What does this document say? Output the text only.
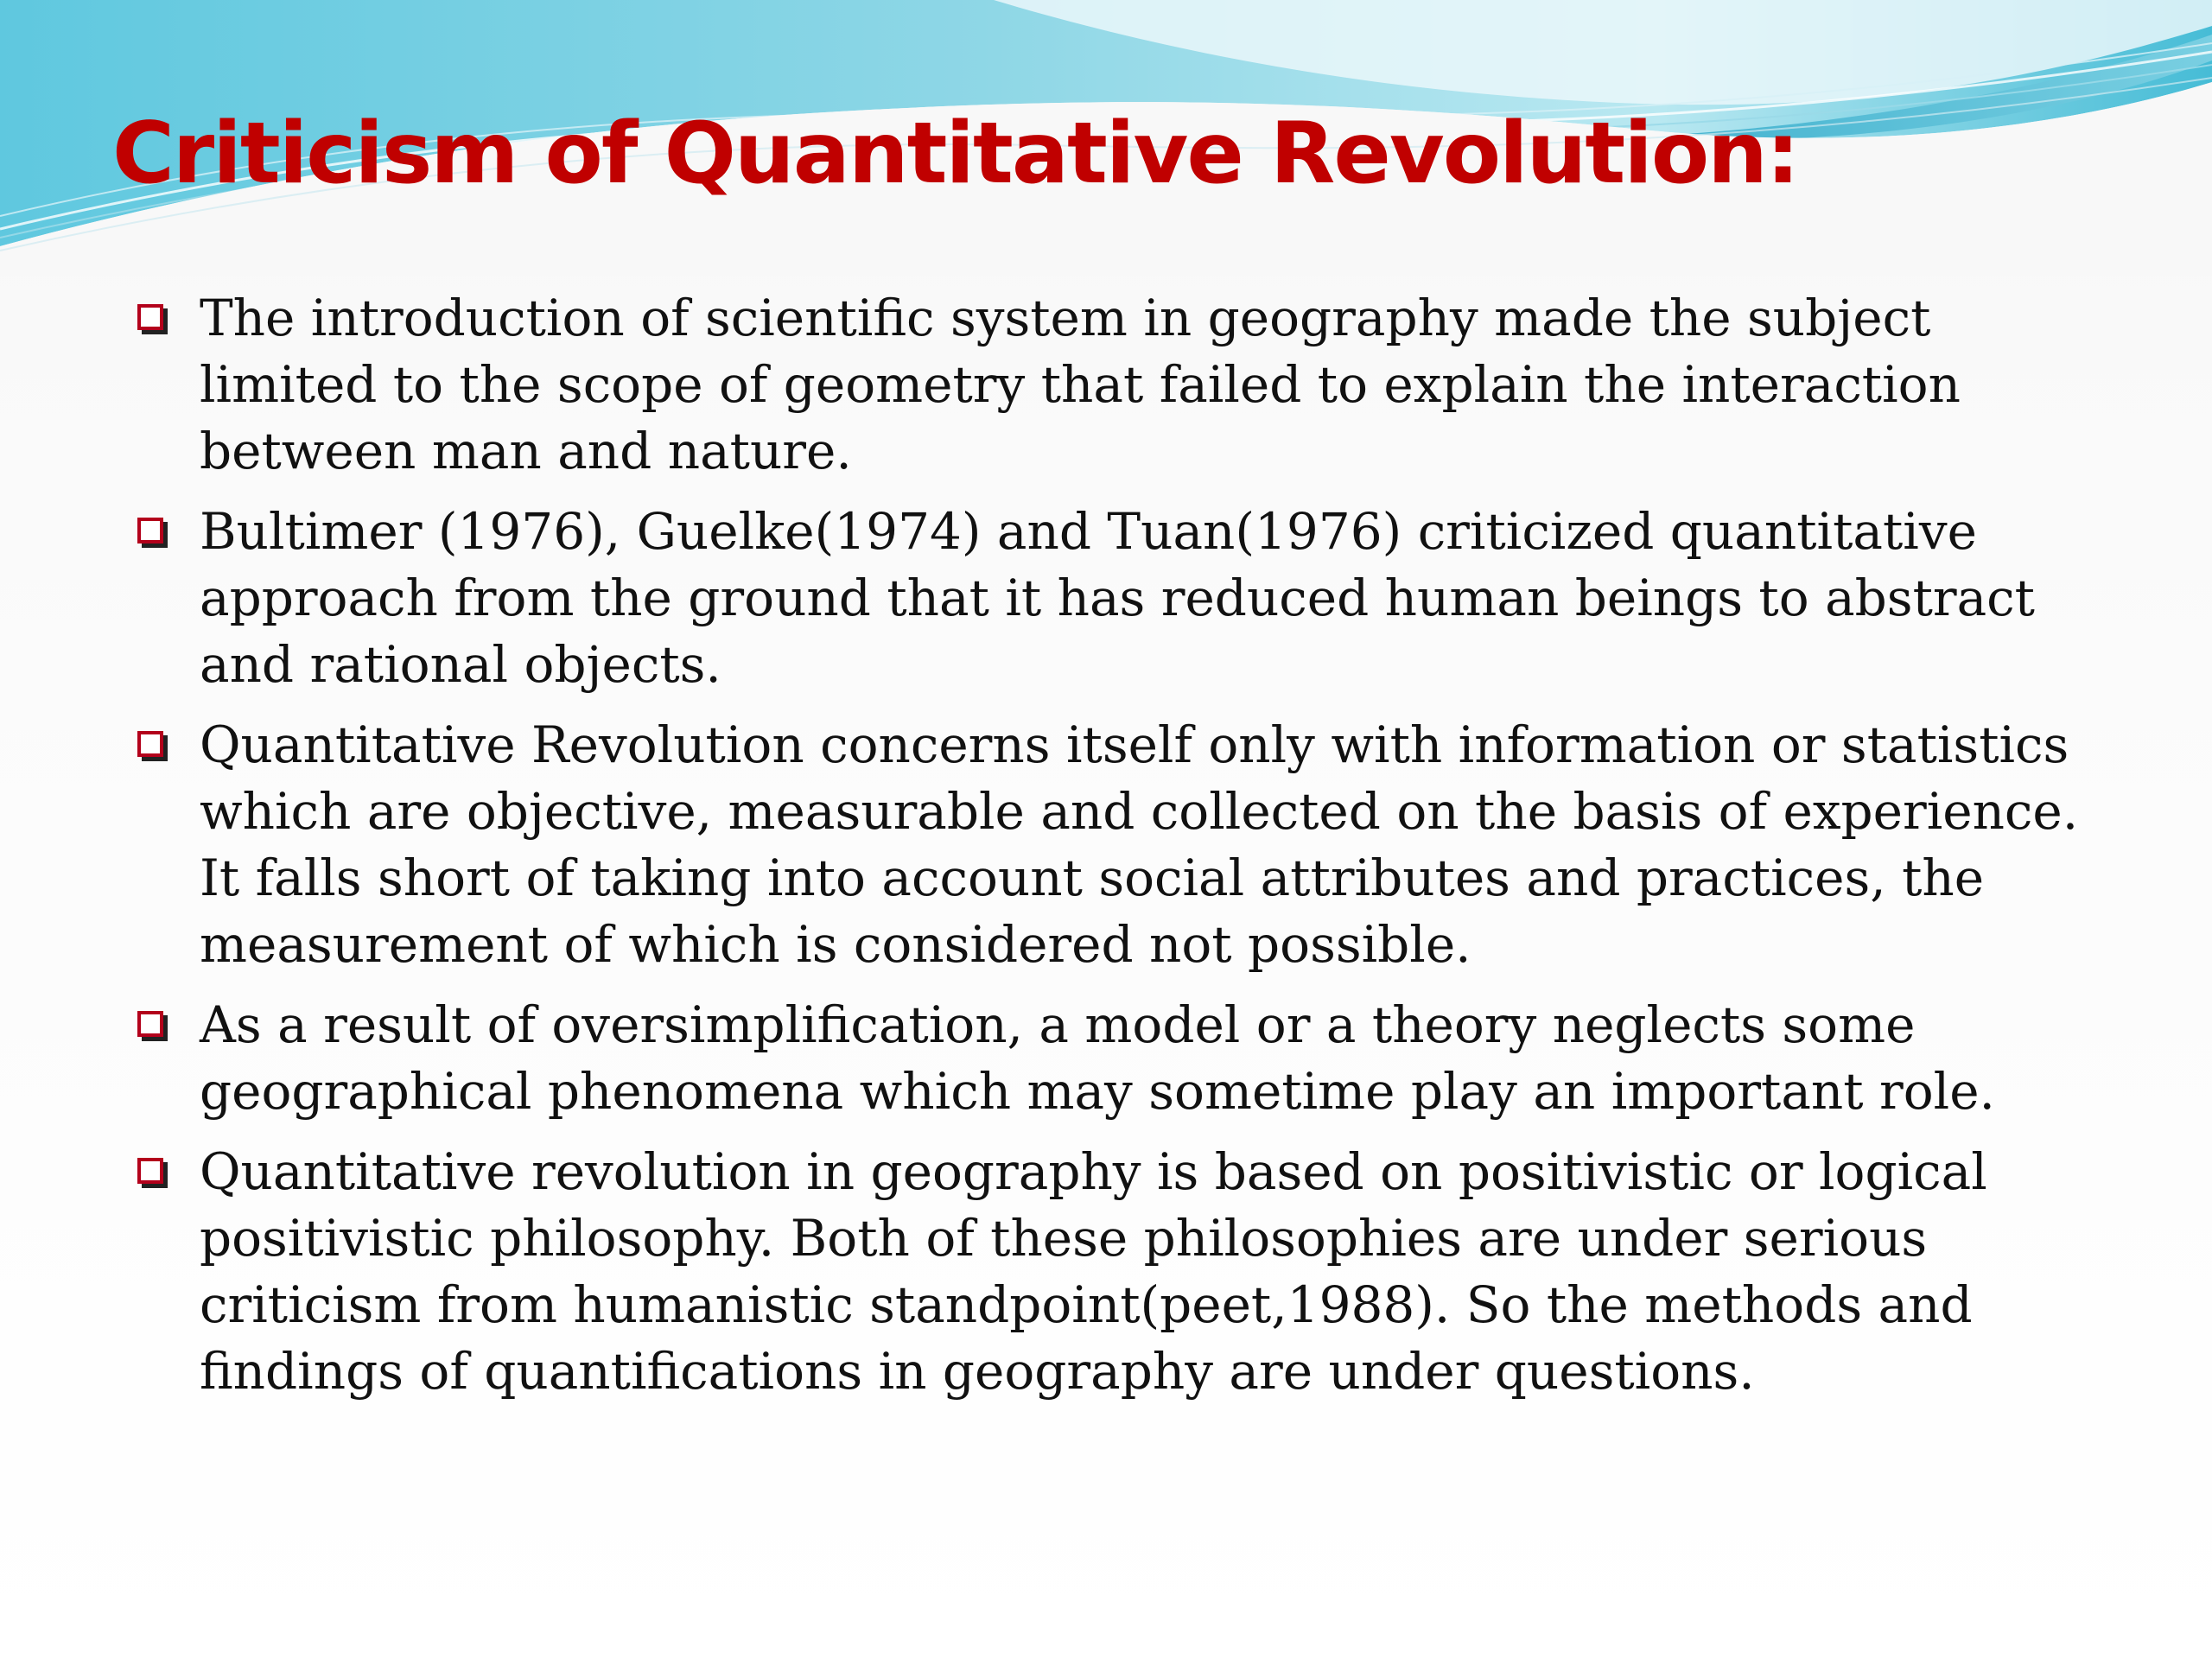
Criticism of Quantitative Revolution:
The introduction of scientific system in geography made the subject limited to the scope of geometry that failed to explain the interaction between man and nature.
Bultimer (1976), Guelke(1974) and Tuan(1976) criticized quantitative approach from the ground that it has reduced human beings to abstract and rational objects.
Quantitative Revolution concerns itself only with information or statistics which are objective, measurable and collected on the basis of experience. It falls short of taking into account social attributes and practices, the measurement of which is considered not possible.
As a result of oversimplification, a model or a theory neglects some geographical phenomena which may sometime play an important role.
Quantitative revolution in geography is based on positivistic or logical positivistic philosophy. Both of these philosophies are under serious criticism from humanistic standpoint(peet,1988). So the methods and findings of quantifications in geography are under questions.
